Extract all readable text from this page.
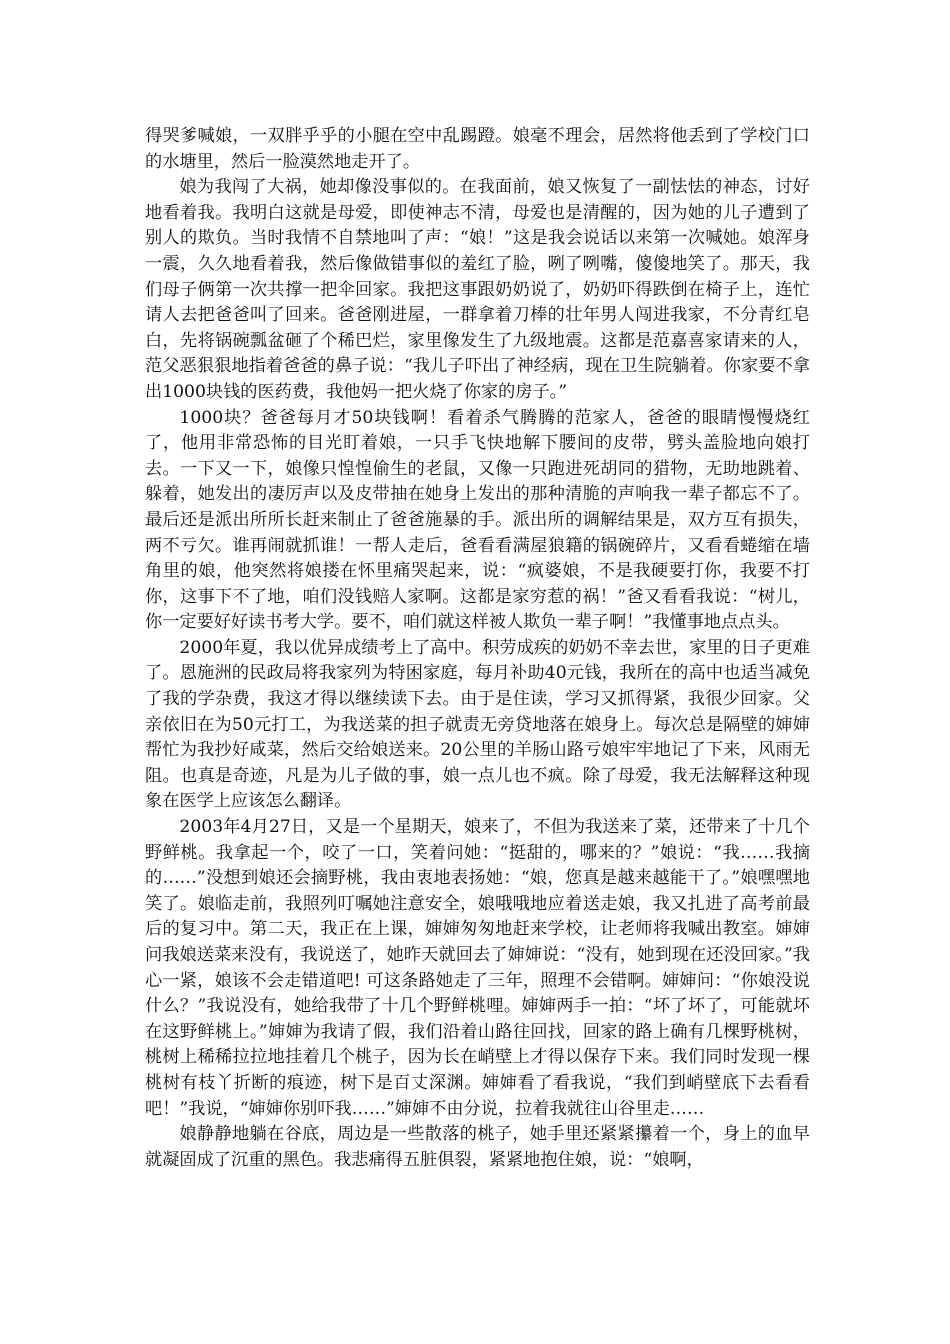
得哭爹喊娘，一双胖乎乎的小腿在空中乱踢蹬。娘毫不理会，居然将他丢到了学校门口的水塘里，然后一脸漠然地走开了。

娘为我闯了大祸，她却像没事似的。在我面前，娘又恢复了一副怯怯的神态，讨好地看着我。我明白这就是母爱，即使神志不清，母爱也是清醒的，因为她的儿子遭到了别人的欺负。当时我情不自禁地叫了声：“娘！”这是我会说话以来第一次喊她。娘浑身一震，久久地看着我，然后像做错事似的羞红了脸，咧了咧嘴，傻傻地笑了。那天，我们母子俩第一次共撑一把伞回家。我把这事跟奶奶说了，奶奶吓得跌倒在椅子上，连忙请人去把爸爸叫了回来。爸爸刚进屋，一群拿着刀棒的壮年男人闯进我家，不分青红皂白，先将锅碗瓢盆砸了个稀巴烂，家里像发生了九级地震。这都是范嘉喜家请来的人，范父恶狠狠地指着爸爸的鼻子说：“我儿子吓出了神经病，现在卫生院躺着。你家要不拿出1000块钱的医药费，我他妈一把火烧了你家的房子。”

1000块？爸爸每月才50块钱啊！看着杀气腾腾的范家人，爸爸的眼睛慢慢烧红了，他用非常恐怖的目光盯着娘，一只手飞快地解下腰间的皮带，劈头盖脸地向娘打去。一下又一下，娘像只惶惶偷生的老鼠，又像一只跑进死胡同的猎物，无助地跳着、躲着，她发出的凄厉声以及皮带抽在她身上发出的那种清脆的声响我一辈子都忘不了。最后还是派出所所长赶来制止了爸爸施暴的手。派出所的调解结果是，双方互有损失，两不亏欠。谁再闹就抓谁！一帮人走后，爸看看满屋狼籍的锅碗碎片，又看看蜷缩在墙角里的娘，他突然将娘搂在怀里痛哭起来，说：“疯婆娘，不是我硬要打你，我要不打你，这事下不了地，咱们没钱赔人家啊。这都是家穷惹的祸！”爸又看看我说：“树儿，你一定要好好读书考大学。要不，咱们就这样被人欺负一辈子啊！”我懂事地点点头。

2000年夏，我以优异成绩考上了高中。积劳成疾的奶奶不幸去世，家里的日子更难了。恩施洲的民政局将我家列为特困家庭，每月补助40元钱，我所在的高中也适当减免了我的学杂费，我这才得以继续读下去。由于是住读，学习又抓得紧，我很少回家。父亲依旧在为50元打工，为我送菜的担子就责无旁贷地落在娘身上。每次总是隔壁的婶婶帮忙为我抄好咸菜，然后交给娘送来。20公里的羊肠山路亏娘牢牢地记了下来，风雨无阻。也真是奇迹，凡是为儿子做的事，娘一点儿也不疯。除了母爱，我无法解释这种现象在医学上应该怎么翻译。

2003年4月27日，又是一个星期天，娘来了，不但为我送来了菜，还带来了十几个野鲜桃。我拿起一个，咬了一口，笑着问她：“挺甜的，哪来的？”娘说：“我……我摘的……”没想到娘还会摘野桃，我由衷地表扬她：“娘，您真是越来越能干了。”娘嘿嘿地笑了。娘临走前，我照列叮嘱她注意安全，娘哦哦地应着送走娘，我又扎进了高考前最后的复习中。第二天，我正在上课，婶婶匆匆地赶来学校，让老师将我喊出教室。婶婶问我娘送菜来没有，我说送了，她昨天就回去了婶婶说：“没有，她到现在还没回家。”我心一紧，娘该不会走错道吧! 可这条路她走了三年，照理不会错啊。婶婶问：“你娘没说什么？”我说没有，她给我带了十几个野鲜桃哩。婶婶两手一拍：“坏了坏了，可能就坏在这野鲜桃上。”婶婶为我请了假，我们沿着山路往回找，回家的路上确有几棵野桃树，桃树上稀稀拉拉地挂着几个桃子，因为长在峭壁上才得以保存下来。我们同时发现一棵桃树有枝丫折断的痕迹，树下是百丈深渊。婶婶看了看我说，“我们到峭壁底下去看看吧！”我说，“婶婶你别吓我……”婶婶不由分说，拉着我就往山谷里走……

娘静静地躺在谷底，周边是一些散落的桃子，她手里还紧紧攥着一个，身上的血早就凝固成了沉重的黑色。我悲痛得五脏俱裂，紧紧地抱住娘，说：“娘啊，
